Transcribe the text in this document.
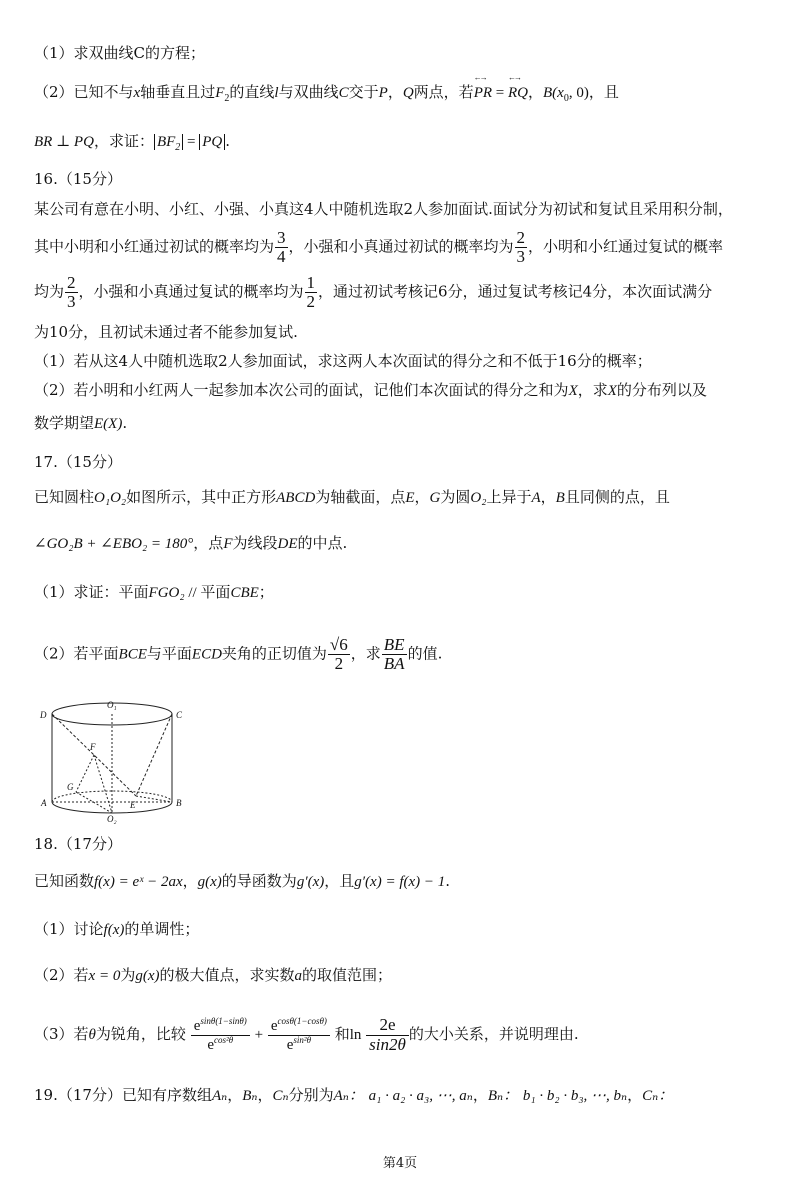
（1）求双曲线C的方程；
（2）已知不与x轴垂直且过$F_2$的直线l与双曲线C交于P，Q两点，若←→ PR = ←→ RQ，$B(x_0$, 0)，且
BR ⊥ PQ，求证： $BF_2$ = PQ .
16.（15分）
某公司有意在小明、小红、小强、小真这4人中随机选取2人参加面试.面试分为初试和复试且采用积分制，
其中小明和小红通过初试的概率均为 $\frac{3}{4}$ ，小强和小真通过初试的概率均为 $\frac{2}{3}$ ，小明和小红通过复试的概率
均为 $\frac{2}{3}$ ，小强和小真通过复试的概率均为 $\frac{1}{2}$ ，通过初试考核记6分，通过复试考核记4分，本次面试满分
为10分，且初试未通过者不能参加复试.
（1）若从这4人中随机选取2人参加面试，求这两人本次面试的得分之和不低于16分的概率；
（2）若小明和小红两人一起参加本次公司的面试，记他们本次面试的得分之和为X，求X的分布列以及
数学期望E(X).
17.（15分）
已知圆柱O₁O₂如图所示，其中正方形ABCD为轴截面，点E，G为圆O₂上异于A，B且同侧的点，且
∠GO₂B + ∠EBO₂ = 180°，点F为线段DE的中点.
（1）求证：平面FGO₂ // 平面CBE；
（2）若平面BCE与平面ECD夹角的正切值为 $\frac{√6}{2}$ ，求 $\frac{BE}{BA}$ 的值.
D	C
O₁
F
G
E
A	B
O₂
18.（17分）
已知函数f(x) = eˣ − 2ax，g(x)的导函数为g′(x)，且g′(x) = f(x) − 1.
（1）讨论f(x)的单调性；
（2）若x = 0为g(x)的极大值点，求实数a的取值范围；
（3）若θ为锐角，比较 $\frac{e^{sin\theta(1-sin\theta)}}{e^{cos^2\theta}} + \frac{e^{cos\theta(1-cos\theta)}}{e^{sin^2\theta}}$ 和$\ln \frac{2e}{\sin 2\theta}$ 的大小关系，并说明理由.
19.（17分）已知有序数组Aₙ，Bₙ，Cₙ分别为Aₙ： a₁ · a₂ · a₃, ⋯, aₙ，Bₙ： b₁ · b₂ · b₃, ⋯, bₙ，Cₙ：
第4页
